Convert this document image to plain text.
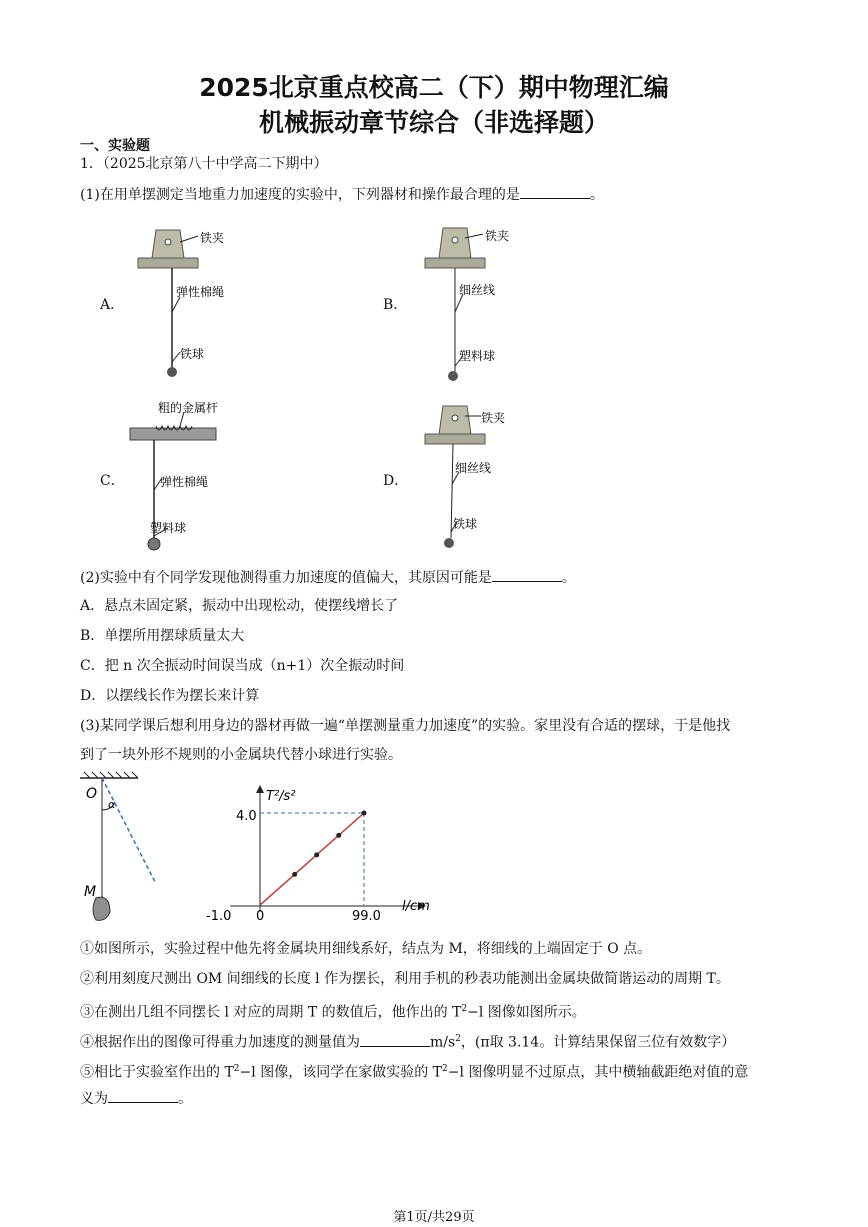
2025北京重点校高二（下）期中物理汇编
机械振动章节综合（非选择题）
一、实验题
1．（2025北京第八十中学高二下期中）
(1)在用单摆测定当地重力加速度的实验中，下列器材和操作最合理的是	。
A．
铁夹
弹性棉绳
铁球
B．
铁夹
细丝线
塑料球
C．
粗的金属杆
弹性棉绳
塑料球
D．
铁夹
细丝线
铁球
(2)实验中有个同学发现他测得重力加速度的值偏大，其原因可能是	。
A．悬点未固定紧，振动中出现松动，使摆线增长了
B．单摆所用摆球质量太大
C．把 n 次全振动时间误当成（n+1）次全振动时间
D．以摆线长作为摆长来计算
(3)某同学课后想利用身边的器材再做一遍“单摆测量重力加速度”的实验。家里没有合适的摆球，于是他找
到了一块外形不规则的小金属块代替小球进行实验。
O
α
M
T²/s²
l/cm
4.0
-1.0 0	99.0
①如图所示，实验过程中他先将金属块用细线系好，结点为 M，将细线的上端固定于 O 点。
②利用刻度尺测出 OM 间细线的长度 l 作为摆长，利用手机的秒表功能测出金属块做简谐运动的周期 T。
③在测出几组不同摆长 l 对应的周期 T 的数值后，他作出的 $T^2-l$ 图像如图所示。
④根据作出的图像可得重力加速度的测量值为	$m/s^2$，(π取 3.14。计算结果保留三位有效数字）
⑤相比于实验室作出的 $T^2-l$ 图像，该同学在家做实验的 $T^2-l$ 图像明显不过原点，其中横轴截距绝对值的意
义为	。
第1页/共29页
